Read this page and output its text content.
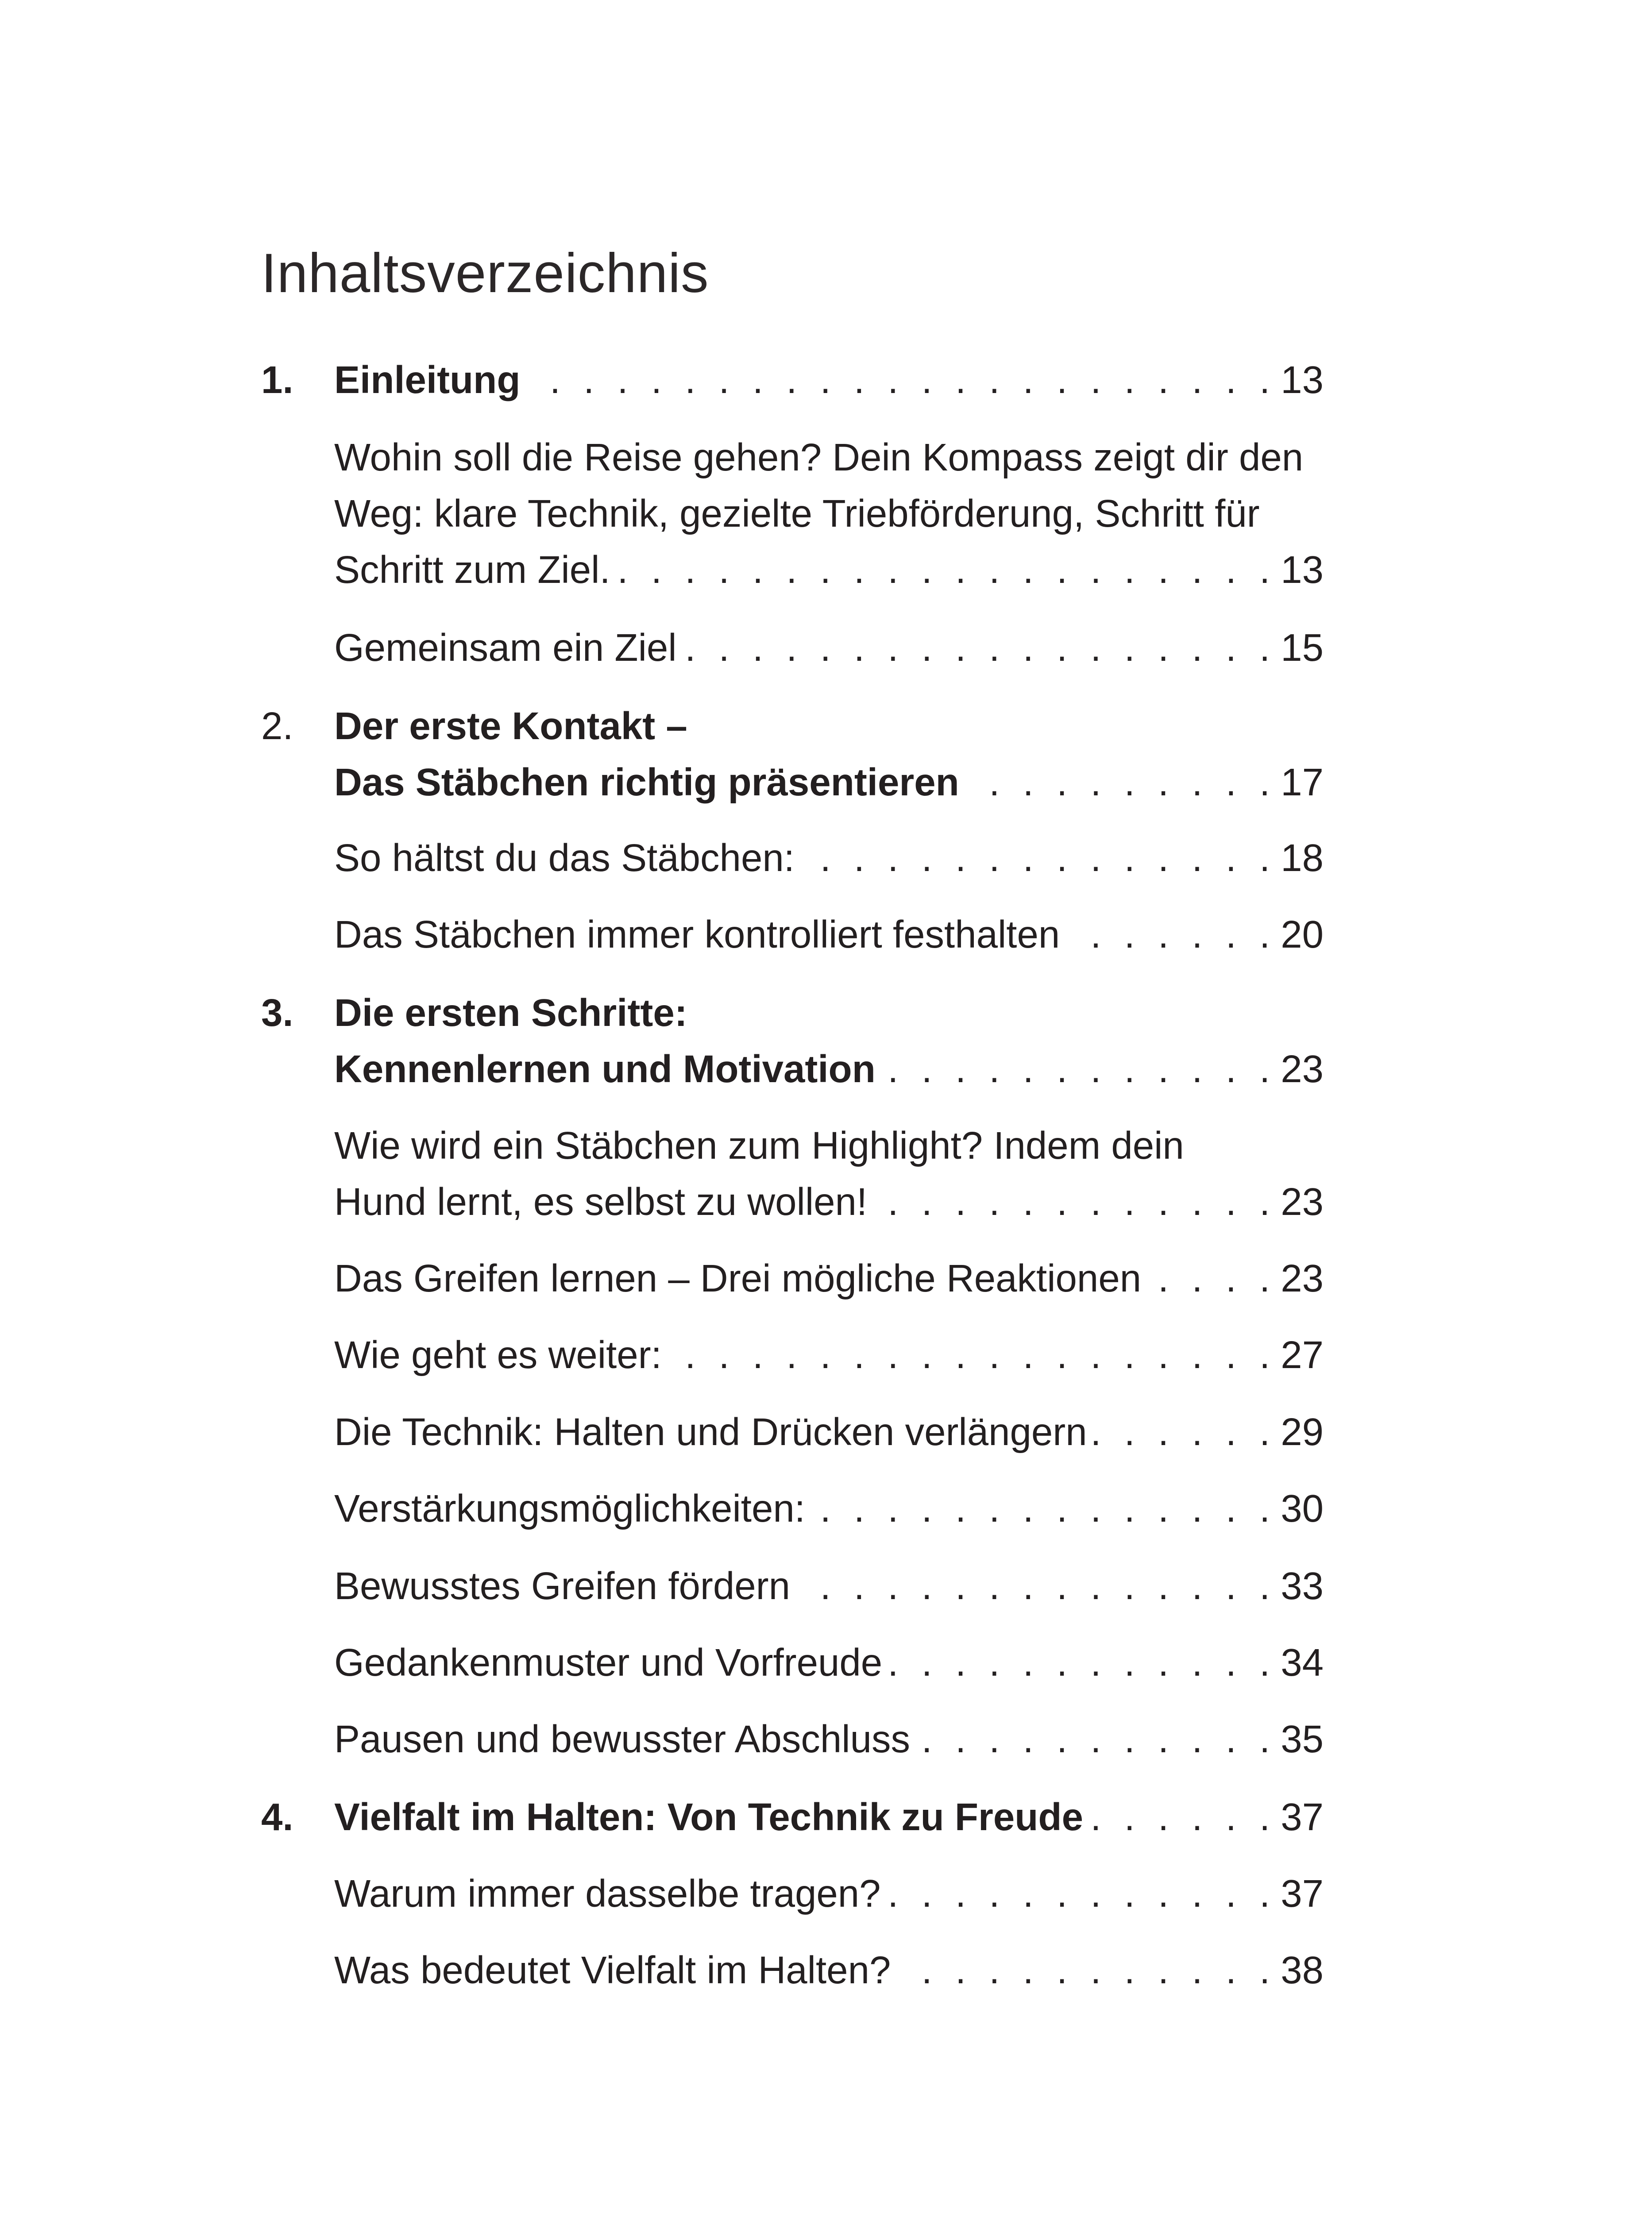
Inhaltsverzeichnis
1.	Einleitung . . .	13
Wohin soll die Reise gehen? Dein Kompass zeigt dir den
Weg: klare Technik, gezielte Triebförderung, Schritt für
Schritt zum Ziel. . . .	13
Gemeinsam ein Ziel . . .	15
2.	Der erste Kontakt –
Das Stäbchen richtig präsentieren . . .	17
So hältst du das Stäbchen: . . .	18
Das Stäbchen immer kontrolliert festhalten . . .	20
3.	Die ersten Schritte:
Kennenlernen und Motivation . . .	23
Wie wird ein Stäbchen zum Highlight? Indem dein
Hund lernt, es selbst zu wollen! . . .	23
Das Greifen lernen – Drei mögliche Reaktionen . . .	23
Wie geht es weiter: . . .	27
Die Technik: Halten und Drücken verlängern . . .	29
Verstärkungsmöglichkeiten: . . .	30
Bewusstes Greifen fördern . . .	33
Gedankenmuster und Vorfreude . . .	34
Pausen und bewusster Abschluss . . .	35
4.	Vielfalt im Halten: Von Technik zu Freude . . .	37
Warum immer dasselbe tragen? . . .	37
Was bedeutet Vielfalt im Halten? . . .	38
